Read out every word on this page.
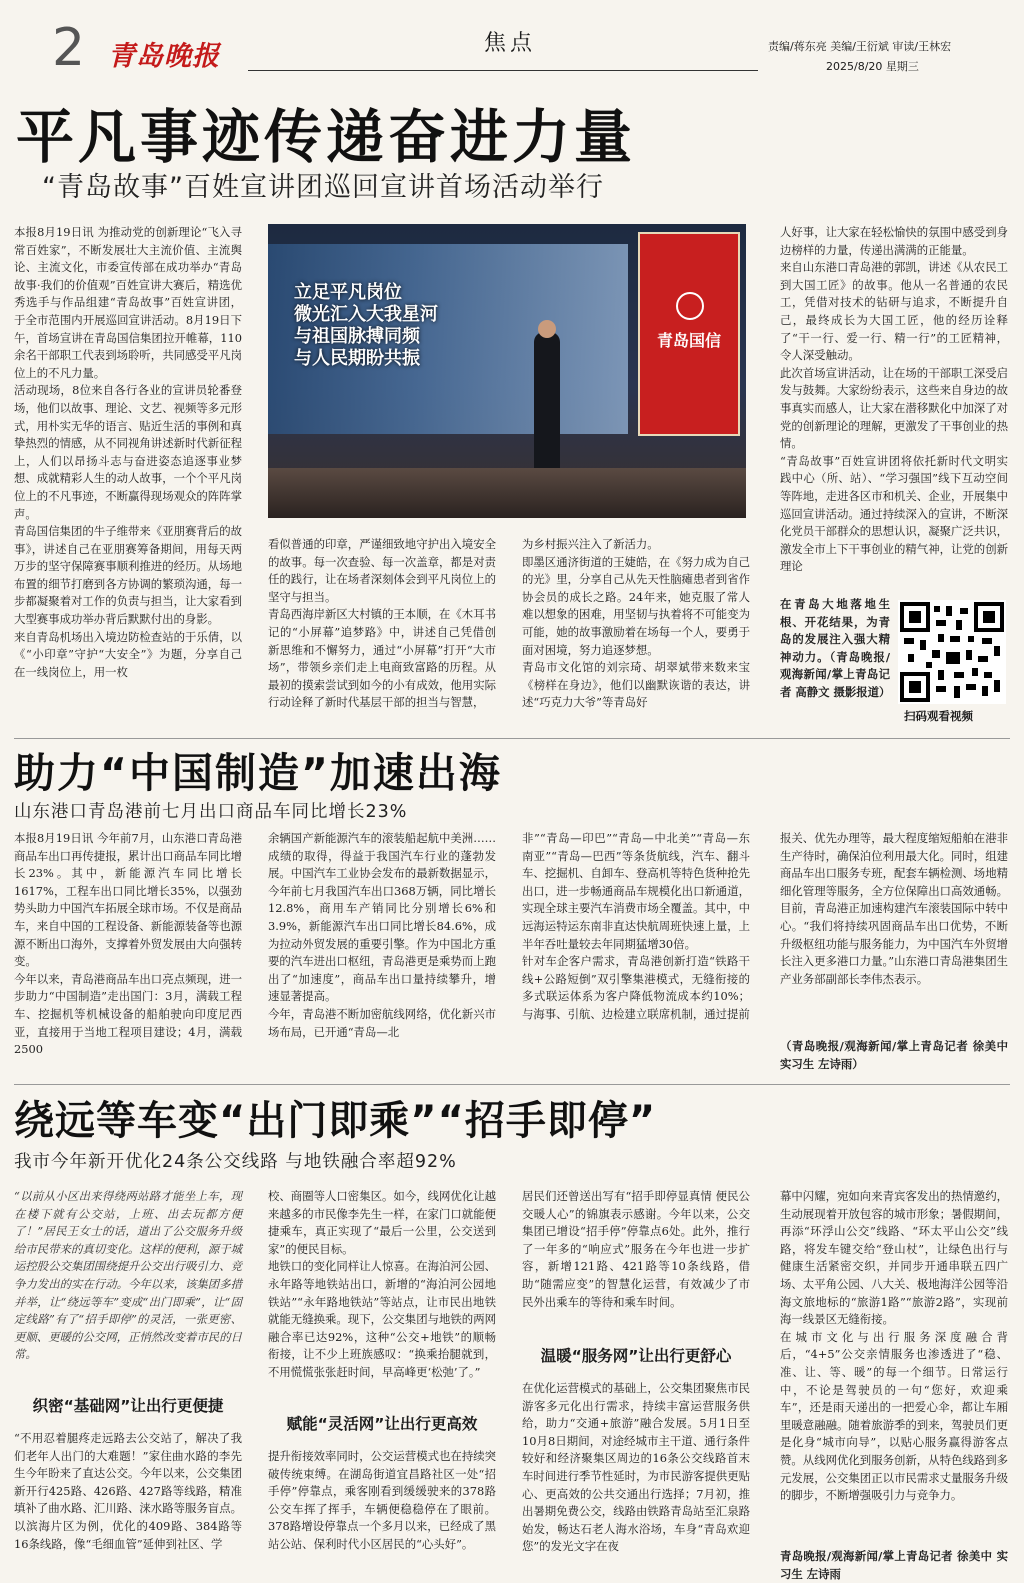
2 青岛晚报	焦点	责编/蒋东亮 美编/王衍斌 审读/王林宏
2025/8/20 星期三
平凡事迹传递奋进力量
“青岛故事”百姓宣讲团巡回宣讲首场活动举行
本报8月19日讯 为推动党的创新理论“飞入寻常百姓家”，不断发展壮大主流价值、主流舆论、主流文化，市委宣传部在成功举办“青岛故事·我们的价值观”百姓宣讲大赛后，精选优秀选手与作品组建“青岛故事”百姓宣讲团，于全市范围内开展巡回宣讲活动。8月19日下午，首场宣讲在青岛国信集团拉开帷幕，110余名干部职工代表到场聆听，共同感受平凡岗位上的不凡力量。
活动现场，8位来自各行各业的宣讲员轮番登场，他们以故事、理论、文艺、视频等多元形式，用朴实无华的语言、贴近生活的事例和真挚热烈的情感，从不同视角讲述新时代新征程上，人们以昂扬斗志与奋进姿态追逐事业梦想、成就精彩人生的动人故事，一个个平凡岗位上的不凡事迹，不断赢得现场观众的阵阵掌声。
青岛国信集团的牛子维带来《亚朋赛背后的故事》，讲述自己在亚朋赛筹备期间，用每天两万步的坚守保障赛事顺利推进的经历。从场地布置的细节打磨到各方协调的繁琐沟通，每一步都凝聚着对工作的负责与担当，让大家看到大型赛事成功举办背后默默付出的身影。
来自青岛机场出入境边防检查站的于乐倩，以《“小印章”守护“大安全”》为题，分享自己在一线岗位上，用一枚
立足平凡岗位
微光汇入大我星河
与祖国脉搏同频
与人民期盼共振
青岛国信
看似普通的印章，严谨细致地守护出入境安全的故事。每一次查验、每一次盖章，都是对责任的践行，让在场者深刻体会到平凡岗位上的坚守与担当。
青岛西海岸新区大村镇的王本顺，在《木耳书记的“小屏幕”追梦路》中，讲述自己凭借创新思维和不懈努力，通过“小屏幕”打开“大市场”，带领乡亲们走上电商致富路的历程。从最初的摸索尝试到如今的小有成效，他用实际行动诠释了新时代基层干部的担当与智慧，
为乡村振兴注入了新活力。
即墨区通济街道的王婕皓，在《努力成为自己的光》里，分享自己从先天性脑瘫患者到省作协会员的成长之路。24年来，她克服了常人难以想象的困难，用坚韧与执着将不可能变为可能，她的故事激励着在场每一个人，要勇于面对困境，努力追逐梦想。
青岛市文化馆的刘宗琦、胡翠斌带来数来宝《榜样在身边》，他们以幽默诙谐的表达，讲述“巧克力大爷”等青岛好
人好事，让大家在轻松愉快的氛围中感受到身边榜样的力量，传递出满满的正能量。
来自山东港口青岛港的郭凯，讲述《从农民工到大国工匠》的故事。他从一名普通的农民工，凭借对技术的钻研与追求，不断提升自己，最终成长为大国工匠，他的经历诠释了“干一行、爱一行、精一行”的工匠精神，令人深受触动。
此次首场宣讲活动，让在场的干部职工深受启发与鼓舞。大家纷纷表示，这些来自身边的故事真实而感人，让大家在潜移默化中加深了对党的创新理论的理解，更激发了干事创业的热情。
“青岛故事”百姓宣讲团将依托新时代文明实践中心（所、站）、“学习强国”线下互动空间等阵地，走进各区市和机关、企业，开展集中巡回宣讲活动。通过持续深入的宣讲，不断深化党员干部群众的思想认识，凝聚广泛共识，激发全市上下干事创业的精气神，让党的创新理论
在青岛大地落地生根、开花结果，为青岛的发展注入强大精神动力。（青岛晚报/观海新闻/掌上青岛记者 高静文 摄影报道）
扫码观看视频
助力“中国制造”加速出海
山东港口青岛港前七月出口商品车同比增长23%
本报8月19日讯 今年前7月，山东港口青岛港商品车出口再传捷报，累计出口商品车同比增长23%。其中，新能源汽车同比增长1617%，工程车出口同比增长35%，以强劲势头助力中国汽车拓展全球市场。不仅是商品车，来自中国的工程设备、新能源装备等也源源不断出口海外，支撑着外贸发展由大向强转变。
今年以来，青岛港商品车出口亮点频现，进一步助力“中国制造”走出国门：3月，满载工程车、挖掘机等机械设备的船舶驶向印度尼西亚，直接用于当地工程项目建设；4月，满载2500
余辆国产新能源汽车的滚装船起航中美洲……成绩的取得，得益于我国汽车行业的蓬勃发展。中国汽车工业协会发布的最新数据显示，今年前七月我国汽车出口368万辆，同比增长12.8%，商用车产销同比分别增长6%和3.9%，新能源汽车出口同比增长84.6%，成为拉动外贸发展的重要引擎。作为中国北方重要的汽车进出口枢纽，青岛港更是乘势而上跑出了“加速度”，商品车出口量持续攀升，增速显著提高。
今年，青岛港不断加密航线网络，优化新兴市场布局，已开通“青岛—北
非”“青岛—印巴”“青岛—中北美”“青岛—东南亚”“青岛—巴西”等条货航线，汽车、翻斗车、挖掘机、自卸车、登高机等特色货种抢先出口，进一步畅通商品车规模化出口新通道，实现全球主要汽车消费市场全覆盖。其中，中远海运特运东南非直达快航周班快速上量，上半年吞吐量较去年同期猛增30倍。
针对车企客户需求，青岛港创新打造“铁路干线+公路短倒”双引擎集港模式，无缝衔接的多式联运体系为客户降低物流成本约10%；与海事、引航、边检建立联席机制，通过提前
报关、优先办理等，最大程度缩短船舶在港非生产待时，确保泊位利用最大化。同时，组建商品车出口服务专班，配套车辆检测、场地精细化管理等服务，全方位保障出口高效通畅。目前，青岛港正加速构建汽车滚装国际中转中心。“我们将持续巩固商品车出口优势，不断升级枢纽功能与服务能力，为中国汽车外贸增长注入更多港口力量。”山东港口青岛港集团生产业务部副部长李伟杰表示。
（青岛晚报/观海新闻/掌上青岛记者 徐美中 实习生 左诗雨）
绕远等车变“出门即乘”“招手即停”
我市今年新开优化24条公交线路 与地铁融合率超92%
“以前从小区出来得绕两站路才能坐上车，现在楼下就有公交站，上班、出去玩都方便了！”居民王女士的话，道出了公交服务升级给市民带来的真切变化。这样的便利，源于城运控股公交集团围绕提升公交出行吸引力、竞争力发出的实在行动。今年以来，该集团多措并举，让“绕远等车”变成“出门即乘”，让“固定线路”有了“招手即停”的灵活，一张更密、更顺、更暖的公交网，正悄然改变着市民的日常。
织密“基础网”让出行更便捷
“不用忍着腿疼走远路去公交站了，解决了我们老年人出门的大难题！”家住曲水路的李先生今年盼来了直达公交。今年以来，公交集团新开行425路、426路、427路等线路，精准填补了曲水路、汇川路、涞水路等服务盲点。以滨海片区为例，优化的409路、384路等16条线路，像“毛细血管”延伸到社区、学
校、商圈等人口密集区。如今，线网优化让越来越多的市民像李先生一样，在家门口就能便捷乘车，真正实现了“最后一公里，公交送到家”的便民目标。
地铁口的变化同样让人惊喜。在海泊河公园、永年路等地铁站出口，新增的“海泊河公园地铁站”“永年路地铁站”等站点，让市民出地铁就能无缝换乘。现下，公交集团与地铁的两网融合率已达92%，这种“公交+地铁”的顺畅衔接，让不少上班族感叹：“换乘抬腿就到，不用慌慌张张赶时间，早高峰更‘松弛’了。”
赋能“灵活网”让出行更高效
提升衔接效率同时，公交运营模式也在持续突破传统束缚。在湖岛街道宜昌路社区一处“招手停”停靠点，乘客刚看到缓缓驶来的378路公交车挥了挥手，车辆便稳稳停在了眼前。378路增设停靠点一个多月以来，已经成了黑站公站、保利时代小区居民的“心头好”。
居民们还曾送出写有“招手即停显真情 便民公交暖人心”的锦旗表示感谢。今年以来，公交集团已增设“招手停”停靠点6处。此外，推行了一年多的“响应式”服务在今年也进一步扩容，新增121路、421路等10条线路，借助“随需应变”的智慧化运营，有效减少了市民外出乘车的等待和乘车时间。
温暖“服务网”让出行更舒心
在优化运营模式的基础上，公交集团聚焦市民游客多元化出行需求，持续丰富运营服务供给，助力“交通+旅游”融合发展。5月1日至10月8日期间，对途经城市主干道、通行条件较好和经济聚集区周边的16条公交线路首末车时间进行季节性延时，为市民游客提供更贴心、更高效的公共交通出行选择；7月初，推出暑期免费公交，线路由铁路青岛站至汇泉路始发，畅达石老人海水浴场，车身“青岛欢迎您”的发光文字在夜
幕中闪耀，宛如向来青宾客发出的热情邀约，生动展现着开放包容的城市形象；暑假期间，再添“环浮山公交”线路、“环太平山公交”线路，将发车键交给“登山杖”，让绿色出行与健康生活紧密交织，并同步开通串联五四广场、太平角公园、八大关、极地海洋公园等沿海文旅地标的“旅游1路”“旅游2路”，实现前海一线景区无缝衔接。
在城市文化与出行服务深度融合背后，“4+5”公交亲情服务也渗透进了“稳、准、让、等、暖”的每一个细节。日常运行中，不论是驾驶员的一句“您好，欢迎乘车”，还是雨天递出的一把爱心伞，都让车厢里暖意融融。随着旅游季的到来，驾驶员们更是化身“城市向导”，以贴心服务赢得游客点赞。从线网优化到服务创新，从特色线路到多元发展，公交集团正以市民需求丈量服务升级的脚步，不断增强吸引力与竞争力。
青岛晚报/观海新闻/掌上青岛记者 徐美中 实习生 左诗雨
